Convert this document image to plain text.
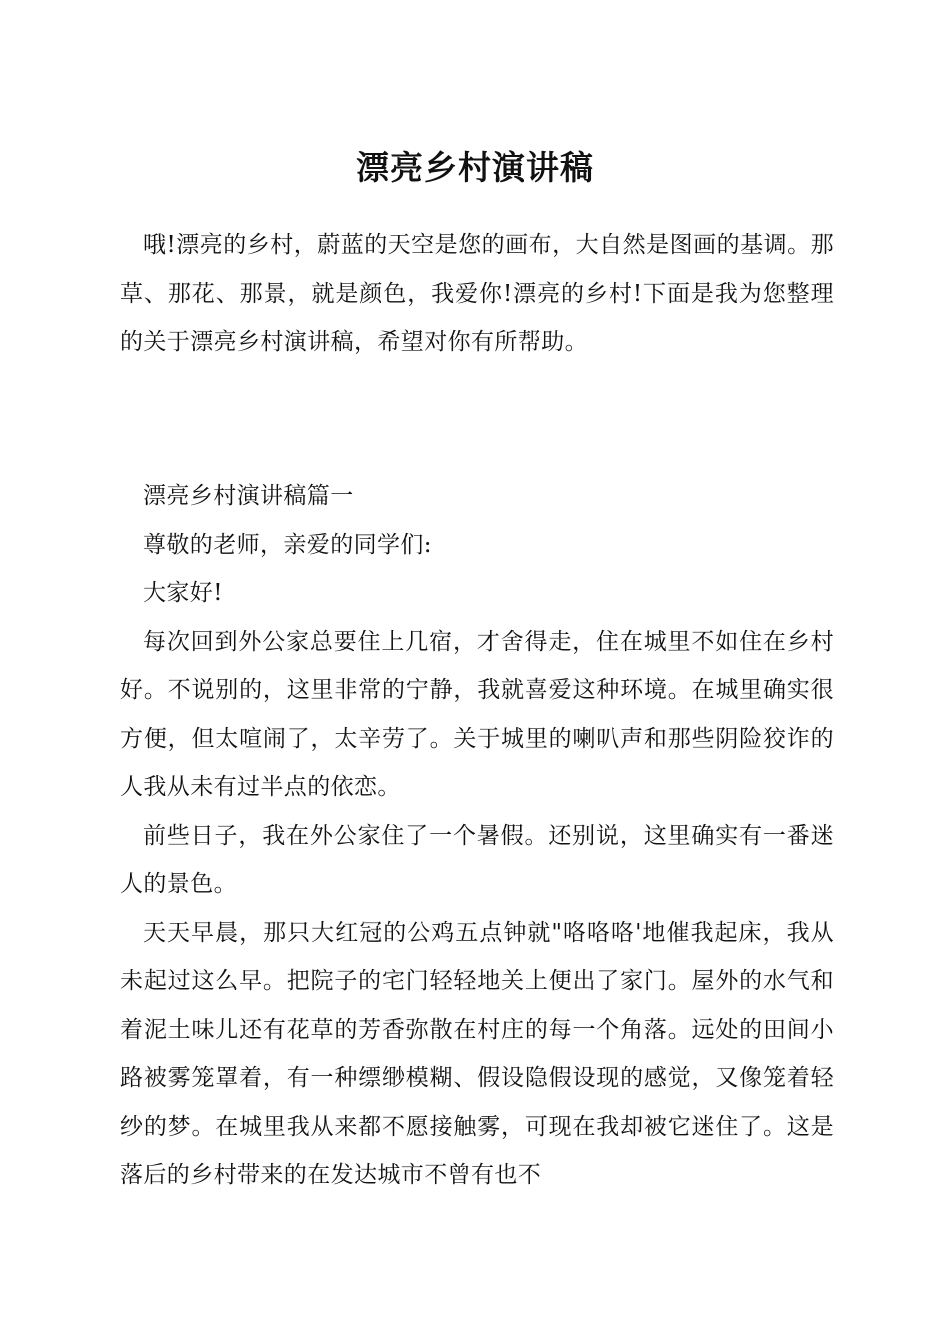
漂亮乡村演讲稿

哦!漂亮的乡村，蔚蓝的天空是您的画布，大自然是图画的基调。那草、那花、那景，就是颜色，我爱你!漂亮的乡村!下面是我为您整理的关于漂亮乡村演讲稿，希望对你有所帮助。

漂亮乡村演讲稿篇一

尊敬的老师，亲爱的同学们:

大家好!

每次回到外公家总要住上几宿，才舍得走，住在城里不如住在乡村好。不说别的，这里非常的宁静，我就喜爱这种环境。在城里确实很方便，但太喧闹了，太辛劳了。关于城里的喇叭声和那些阴险狡诈的人我从未有过半点的依恋。

前些日子，我在外公家住了一个暑假。还别说，这里确实有一番迷人的景色。

天天早晨，那只大红冠的公鸡五点钟就"咯咯咯'地催我起床，我从未起过这么早。把院子的宅门轻轻地关上便出了家门。屋外的水气和着泥土味儿还有花草的芳香弥散在村庄的每一个角落。远处的田间小路被雾笼罩着，有一种缥缈模糊、假设隐假设现的感觉，又像笼着轻纱的梦。在城里我从来都不愿接触雾，可现在我却被它迷住了。这是落后的乡村带来的在发达城市不曾有也不
